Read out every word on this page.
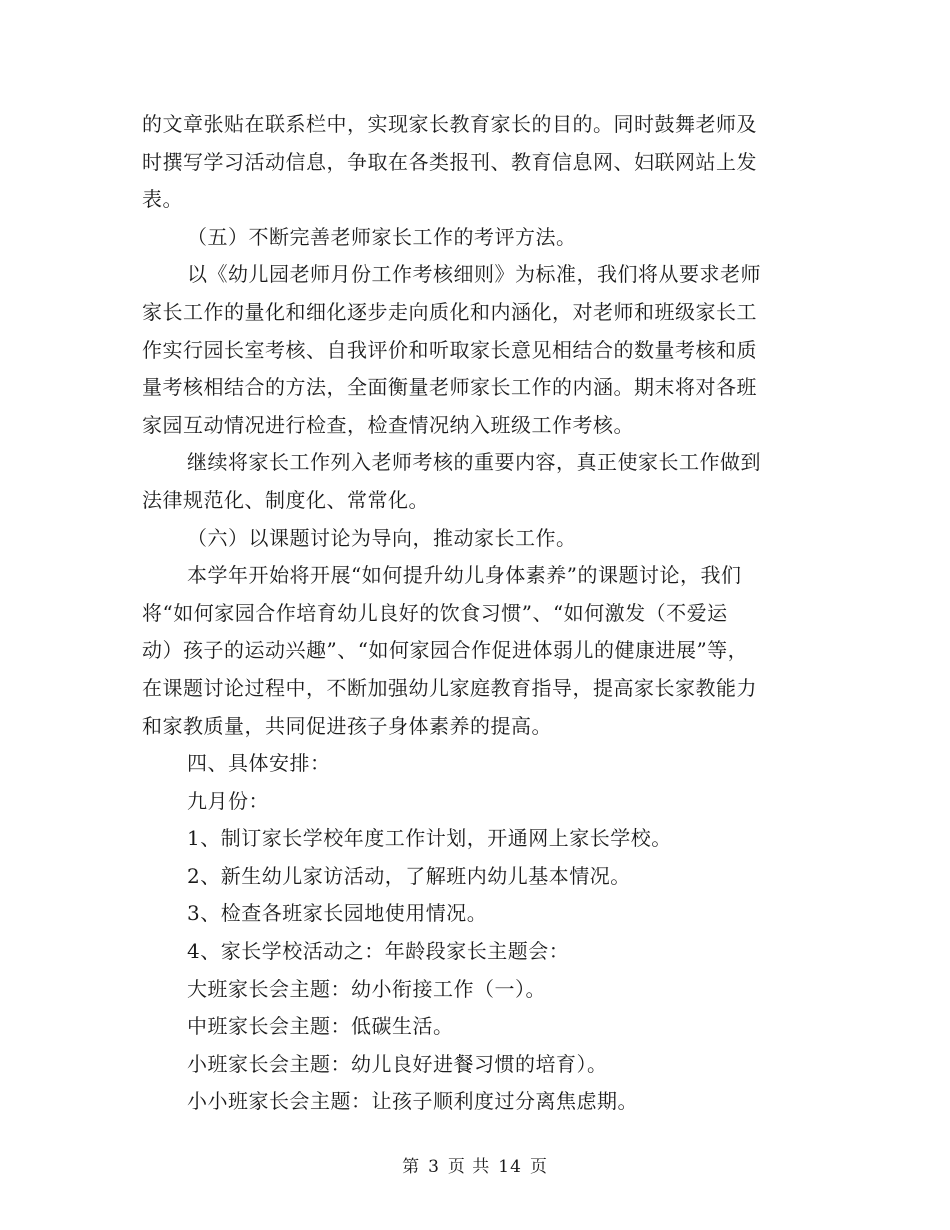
的文章张贴在联系栏中，实现家长教育家长的目的。同时鼓舞老师及
时撰写学习活动信息，争取在各类报刊、教育信息网、妇联网站上发
表。
（五）不断完善老师家长工作的考评方法。
以《幼儿园老师月份工作考核细则》为标准，我们将从要求老师
家长工作的量化和细化逐步走向质化和内涵化，对老师和班级家长工
作实行园长室考核、自我评价和听取家长意见相结合的数量考核和质
量考核相结合的方法，全面衡量老师家长工作的内涵。期末将对各班
家园互动情况进行检查，检查情况纳入班级工作考核。
继续将家长工作列入老师考核的重要内容，真正使家长工作做到
法律规范化、制度化、常常化。
（六）以课题讨论为导向，推动家长工作。
本学年开始将开展“如何提升幼儿身体素养”的课题讨论，我们
将“如何家园合作培育幼儿良好的饮食习惯”、“如何激发（不爱运
动）孩子的运动兴趣”、“如何家园合作促进体弱儿的健康进展”等，
在课题讨论过程中，不断加强幼儿家庭教育指导，提高家长家教能力
和家教质量，共同促进孩子身体素养的提高。
四、具体安排：
九月份：
1、制订家长学校年度工作计划，开通网上家长学校。
2、新生幼儿家访活动，了解班内幼儿基本情况。
3、检查各班家长园地使用情况。
4、家长学校活动之：年龄段家长主题会：
大班家长会主题：幼小衔接工作（一）。
中班家长会主题：低碳生活。
小班家长会主题：幼儿良好进餐习惯的培育）。
小小班家长会主题：让孩子顺利度过分离焦虑期。
第 3 页 共 14 页
